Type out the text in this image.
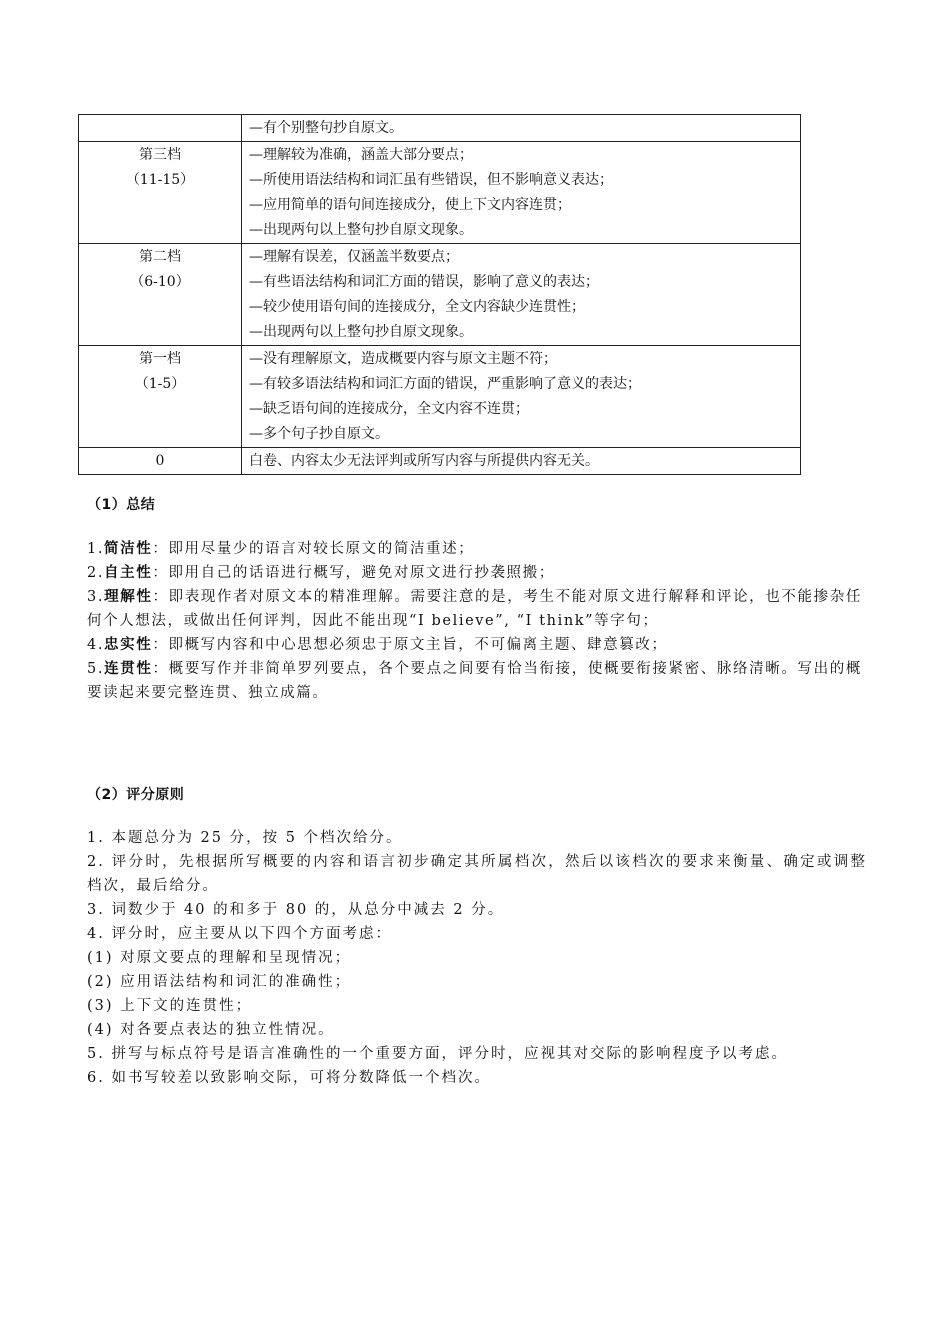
	—有个别整句抄自原文。

第三档
（11-15）	—理解较为准确，涵盖大部分要点；
—所使用语法结构和词汇虽有些错误，但不影响意义表达；
—应用简单的语句间连接成分，使上下文内容连贯；
—出现两句以上整句抄自原文现象。

第二档
（6-10）	—理解有误差，仅涵盖半数要点；
—有些语法结构和词汇方面的错误，影响了意义的表达；
—较少使用语句间的连接成分，全文内容缺少连贯性；
—出现两句以上整句抄自原文现象。

第一档
（1-5）	—没有理解原文，造成概要内容与原文主题不符；
—有较多语法结构和词汇方面的错误，严重影响了意义的表达；
—缺乏语句间的连接成分，全文内容不连贯；
—多个句子抄自原文。

0	白卷、内容太少无法评判或所写内容与所提供内容无关。
（1）总结

1.简洁性：即用尽量少的语言对较长原文的简洁重述；

2.自主性：即用自己的话语进行概写，避免对原文进行抄袭照搬；

3.理解性：即表现作者对原文本的精准理解。需要注意的是，考生不能对原文进行解释和评论，也不能掺杂任何个人想法，或做出任何评判，因此不能出现“I believe”, “I think”等字句；

4.忠实性：即概写内容和中心思想必须忠于原文主旨，不可偏离主题、肆意篡改；

5.连贯性：概要写作并非简单罗列要点，各个要点之间要有恰当衔接，使概要衔接紧密、脉络清晰。写出的概要读起来要完整连贯、独立成篇。

（2）评分原则

1. 本题总分为 25 分，按 5 个档次给分。

2. 评分时，先根据所写概要的内容和语言初步确定其所属档次，然后以该档次的要求来衡量、确定或调整档次，最后给分。

3. 词数少于 40 的和多于 80 的，从总分中减去 2 分。

4. 评分时，应主要从以下四个方面考虑：

(1) 对原文要点的理解和呈现情况；

(2) 应用语法结构和词汇的准确性；

(3) 上下文的连贯性；

(4) 对各要点表达的独立性情况。

5. 拼写与标点符号是语言准确性的一个重要方面，评分时，应视其对交际的影响程度予以考虑。

6. 如书写较差以致影响交际，可将分数降低一个档次。
